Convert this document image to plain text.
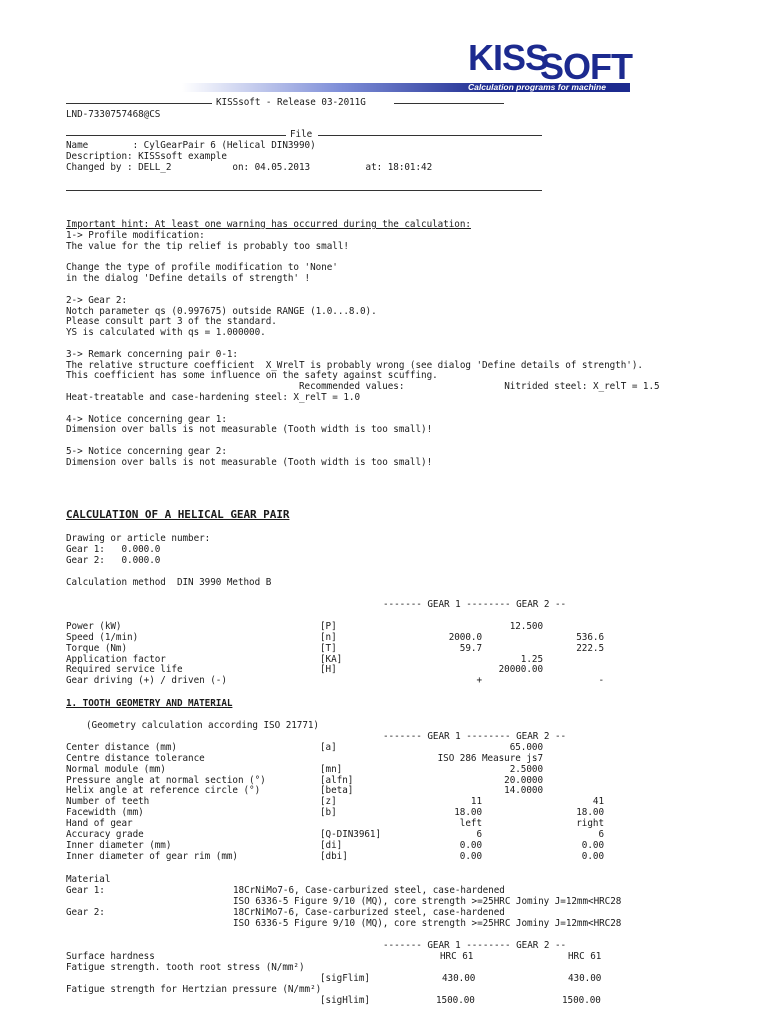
KISS
SOFT
Calculation programs for machine design
KISSsoft - Release 03-2011G
LND-7330757468@CS
File
Name        : CylGearPair 6 (Helical DIN3990)
Description: KISSsoft example
Changed by : DELL_2           on: 04.05.2013          at: 18:01:42
Important hint: At least one warning has occurred during the calculation:
1-> Profile modification:
The value for the tip relief is probably too small!
Change the type of profile modification to 'None'
in the dialog 'Define details of strength' !
2-> Gear 2:
Notch parameter qs (0.997675) outside RANGE (1.0...8.0).
Please consult part 3 of the standard.
YS is calculated with qs = 1.000000.
3-> Remark concerning pair 0-1:
The relative structure coefficient  X_WrelT is probably wrong (see dialog 'Define details of strength').
This coefficient has some influence on the safety against scuffing.
Recommended values:                  Nitrided steel: X_relT = 1.5
Heat-treatable and case-hardening steel: X_relT = 1.0
4-> Notice concerning gear 1:
Dimension over balls is not measurable (Tooth width is too small)!
5-> Notice concerning gear 2:
Dimension over balls is not measurable (Tooth width is too small)!
CALCULATION OF A HELICAL GEAR PAIR
Drawing or article number:
Gear 1:   0.000.0
Gear 2:   0.000.0
Calculation method  DIN 3990 Method B
------- GEAR 1 -------- GEAR 2 --
Power (kW)	[P]	12.500
Speed (1/min)	[n]	2000.0	536.6
Torque (Nm)	[T]	59.7	222.5
Application factor	[KA]	1.25
Required service life	[H]	20000.00
Gear driving (+) / driven (-)	+	-
1. TOOTH GEOMETRY AND MATERIAL
(Geometry calculation according ISO 21771)
------- GEAR 1 -------- GEAR 2 --
Center distance (mm)	[a]	65.000
Centre distance tolerance	ISO 286 Measure js7
Normal module (mm)	[mn]	2.5000
Pressure angle at normal section (°)	[alfn]	20.0000
Helix angle at reference circle (°)	[beta]	14.0000
Number of teeth	[z]	11	41
Facewidth (mm)	[b]	18.00	18.00
Hand of gear	left	right
Accuracy grade	[Q-DIN3961]	6	6
Inner diameter (mm)	[di]	0.00	0.00
Inner diameter of gear rim (mm)	[dbi]	0.00	0.00
Material
Gear 1:	18CrNiMo7-6, Case-carburized steel, case-hardened
ISO 6336-5 Figure 9/10 (MQ), core strength >=25HRC Jominy J=12mm<HRC28
Gear 2:	18CrNiMo7-6, Case-carburized steel, case-hardened
ISO 6336-5 Figure 9/10 (MQ), core strength >=25HRC Jominy J=12mm<HRC28
------- GEAR 1 -------- GEAR 2 --
Surface hardness	HRC 61	HRC 61
Fatigue strength. tooth root stress (N/mm²)
[sigFlim]	430.00	430.00
Fatigue strength for Hertzian pressure (N/mm²)
[sigHlim]	1500.00	1500.00
